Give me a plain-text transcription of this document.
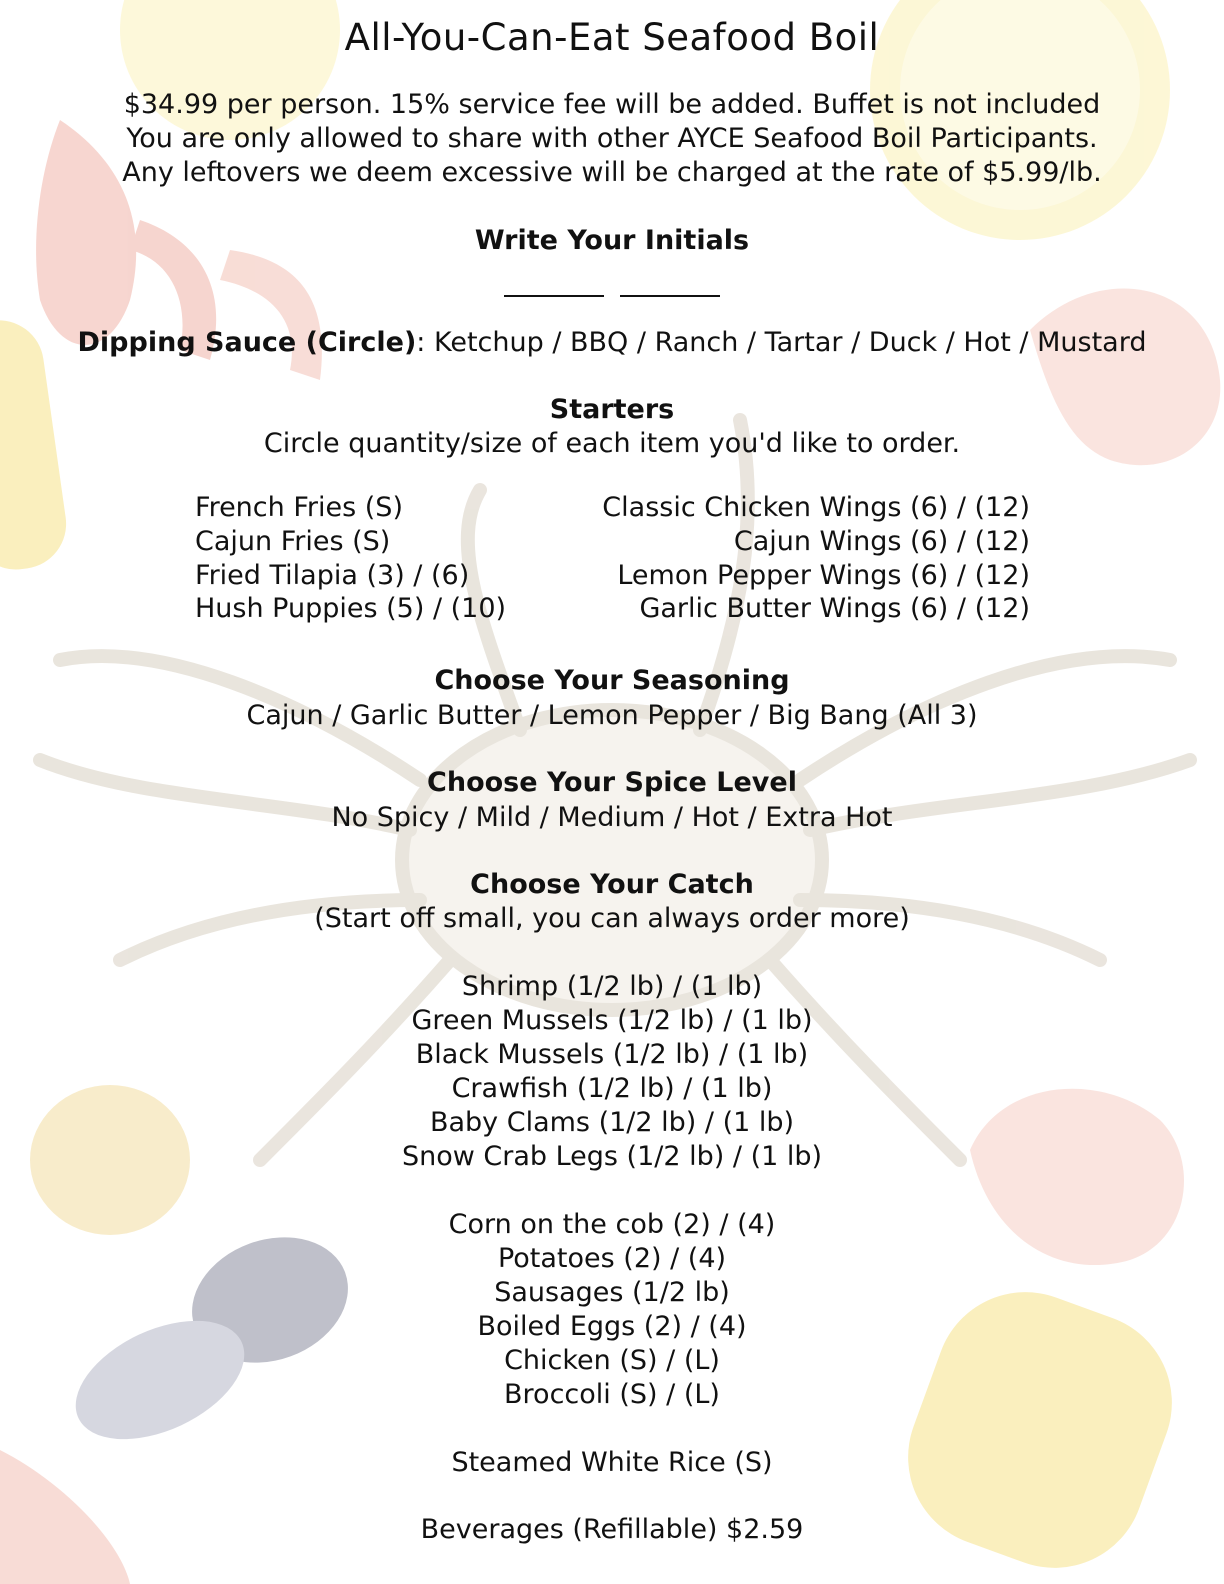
All-You-Can-Eat Seafood Boil
$34.99 per person. 15% service fee will be added. Buffet is not included
You are only allowed to share with other AYCE Seafood Boil Participants.
Any leftovers we deem excessive will be charged at the rate of $5.99/lb.
Write Your Initials
Dipping Sauce (Circle): Ketchup / BBQ / Ranch / Tartar / Duck / Hot / Mustard
Starters
Circle quantity/size of each item you'd like to order.
French Fries (S)
Cajun Fries (S)
Fried Tilapia (3) / (6)
Hush Puppies (5) / (10)
Classic Chicken Wings (6) / (12)
Cajun Wings (6) / (12)
Lemon Pepper Wings (6) / (12)
Garlic Butter Wings (6) / (12)
Choose Your Seasoning
Cajun / Garlic Butter / Lemon Pepper / Big Bang (All 3)
Choose Your Spice Level
No Spicy / Mild / Medium / Hot / Extra Hot
Choose Your Catch
(Start off small, you can always order more)
Shrimp (1/2 lb) / (1 lb)
Green Mussels (1/2 lb) / (1 lb)
Black Mussels (1/2 lb) / (1 lb)
Crawfish (1/2 lb) / (1 lb)
Baby Clams (1/2 lb) / (1 lb)
Snow Crab Legs (1/2 lb) / (1 lb)
Corn on the cob (2) / (4)
Potatoes (2) / (4)
Sausages (1/2 lb)
Boiled Eggs (2) / (4)
Chicken (S) / (L)
Broccoli (S) / (L)
Steamed White Rice (S)
Beverages (Refillable) $2.59
